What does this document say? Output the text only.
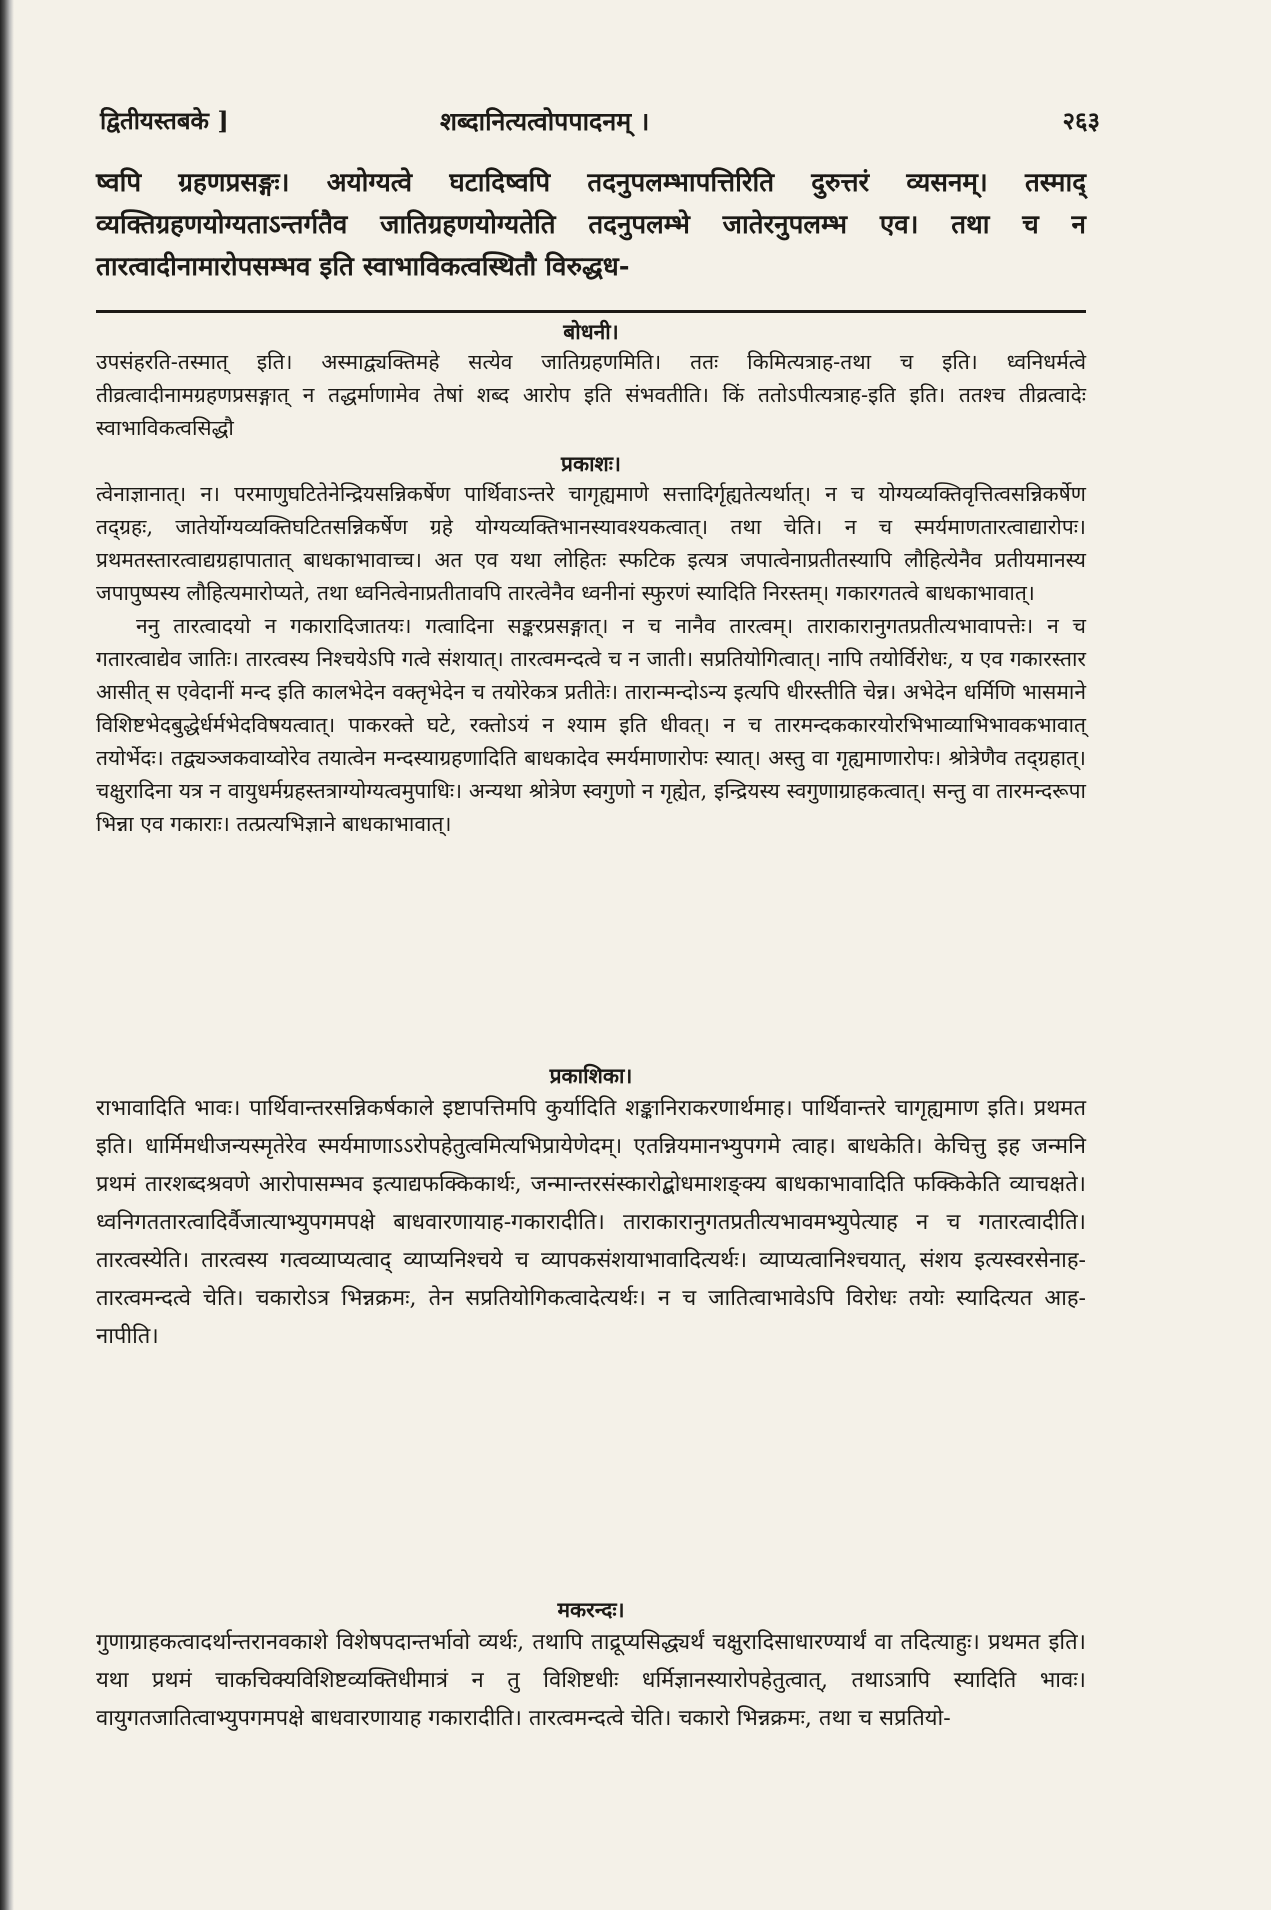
द्वितीयस्तबके ]	शब्दानित्यत्वोपपादनम् ।	२६३
ष्वपि ग्रहणप्रसङ्गः। अयोग्यत्वे घटादिष्वपि तदनुपलम्भापत्तिरिति दुरुत्तरं व्यसनम्। तस्माद् व्यक्तिग्रहणयोग्यताऽन्तर्गतैव जातिग्रहणयोग्यतेति तदनुपलम्भे जातेरनुपलम्भ एव। तथा च न तारत्वादीनामारोपसम्भव इति स्वाभाविकत्वस्थितौ विरुद्धध-
बोधनी।

उपसंहरति-तस्मात् इति। अस्माद्व्यक्तिमहे सत्येव जातिग्रहणमिति। ततः किमित्यत्राह-तथा च इति। ध्वनिधर्मत्वे तीव्रत्वादीनामग्रहणप्रसङ्गात् न तद्धर्माणामेव तेषां शब्द आरोप इति संभवतीति। किं ततोऽपीत्यत्राह-इति इति। ततश्च तीव्रत्वादेः स्वाभाविकत्वसिद्धौ

प्रकाशः।

त्वेनाज्ञानात्। न। परमाणुघटितेनेन्द्रियसन्निकर्षेण पार्थिवाऽन्तरे चागृह्यमाणे सत्तादिर्गृह्यतेत्यर्थात्। न च योग्यव्यक्तिवृत्तित्वसन्निकर्षेण तद्ग्रहः, जातेर्योग्यव्यक्तिघटितसन्निकर्षेण ग्रहे योग्यव्यक्तिभानस्यावश्यकत्वात्। तथा चेति। न च स्मर्यमाणतारत्वाद्यारोपः। प्रथमतस्तारत्वाद्यग्रहापातात् बाधकाभावाच्च। अत एव यथा लोहितः स्फटिक इत्यत्र जपात्वेनाप्रतीतस्यापि लौहित्येनैव प्रतीयमानस्य जपापुष्पस्य लौहित्यमारोप्यते, तथा ध्वनित्वेनाप्रतीतावपि तारत्वेनैव ध्वनीनां स्फुरणं स्यादिति निरस्तम्। गकारगतत्वे बाधकाभावात्।

ननु तारत्वादयो न गकारादिजातयः। गत्वादिना सङ्करप्रसङ्गात्। न च नानैव तारत्वम्। ताराकारानुगतप्रतीत्यभावापत्तेः। न च गतारत्वाद्येव जातिः। तारत्वस्य निश्चयेऽपि गत्वे संशयात्। तारत्वमन्दत्वे च न जाती। सप्रतियोगित्वात्। नापि तयोर्विरोधः, य एव गकारस्तार आसीत् स एवेदानीं मन्द इति कालभेदेन वक्तृभेदेन च तयोरेकत्र प्रतीतेः। तारान्मन्दोऽन्य इत्यपि धीरस्तीति चेन्न। अभेदेन धर्मिणि भासमाने विशिष्टभेदबुद्धेर्धर्मभेदविषयत्वात्। पाकरक्ते घटे, रक्तोऽयं न श्याम इति धीवत्। न च तारमन्दककारयोरभिभाव्याभिभावकभावात् तयोर्भेदः। तद्व्यञ्जकवाय्वोरेव तयात्वेन मन्दस्याग्रहणादिति बाधकादेव स्मर्यमाणारोपः स्यात्। अस्तु वा गृह्यमाणारोपः। श्रोत्रेणैव तद्ग्रहात्। चक्षुरादिना यत्र न वायुधर्मग्रहस्तत्राग्योग्यत्वमुपाधिः। अन्यथा श्रोत्रेण स्वगुणो न गृह्येत, इन्द्रियस्य स्वगुणाग्राहकत्वात्। सन्तु वा तारमन्दरूपा भिन्ना एव गकाराः। तत्प्रत्यभिज्ञाने बाधकाभावात्।

प्रकाशिका।

राभावादिति भावः। पार्थिवान्तरसन्निकर्षकाले इष्टापत्तिमपि कुर्यादिति शङ्कानिराकरणार्थमाह। पार्थिवान्तरे चागृह्यमाण इति। प्रथमत इति। धार्मिमधीजन्यस्मृतेरेव स्मर्यमाणाऽऽरोपहेतुत्वमित्यभिप्रायेणेदम्। एतन्नियमानभ्युपगमे त्वाह। बाधकेति। केचित्तु इह जन्मनि प्रथमं तारशब्दश्रवणे आरोपासम्भव इत्याद्यफक्किकार्थः, जन्मान्तरसंस्कारोद्बोधमाशङ्क्य बाधकाभावादिति फक्किकेति व्याचक्षते। ध्वनिगततारत्वादिर्वैजात्याभ्युपगमपक्षे बाधवारणायाह-गकारादीति। ताराकारानुगतप्रतीत्यभावमभ्युपेत्याह न च गतारत्वादीति। तारत्वस्येति। तारत्वस्य गत्वव्याप्यत्वाद् व्याप्यनिश्चये च व्यापकसंशयाभावादित्यर्थः। व्याप्यत्वानिश्चयात्, संशय इत्यस्वरसेनाह-तारत्वमन्दत्वे चेति। चकारोऽत्र भिन्नक्रमः, तेन सप्रतियोगिकत्वादेत्यर्थः। न च जातित्वाभावेऽपि विरोधः तयोः स्यादित्यत आह-नापीति।

मकरन्दः।

गुणाग्राहकत्वादर्थान्तरानवकाशे विशेषपदान्तर्भावो व्यर्थः, तथापि ताद्रूप्यसिद्ध्यर्थं चक्षुरादिसाधारण्यार्थं वा तदित्याहुः। प्रथमत इति। यथा प्रथमं चाकचिक्यविशिष्टव्यक्तिधीमात्रं न तु विशिष्टधीः धर्मिज्ञानस्यारोपहेतुत्वात्, तथाऽत्रापि स्यादिति भावः। वायुगतजातित्वाभ्युपगमपक्षे बाधवारणायाह गकारादीति। तारत्वमन्दत्वे चेति। चकारो भिन्नक्रमः, तथा च सप्रतियो-
